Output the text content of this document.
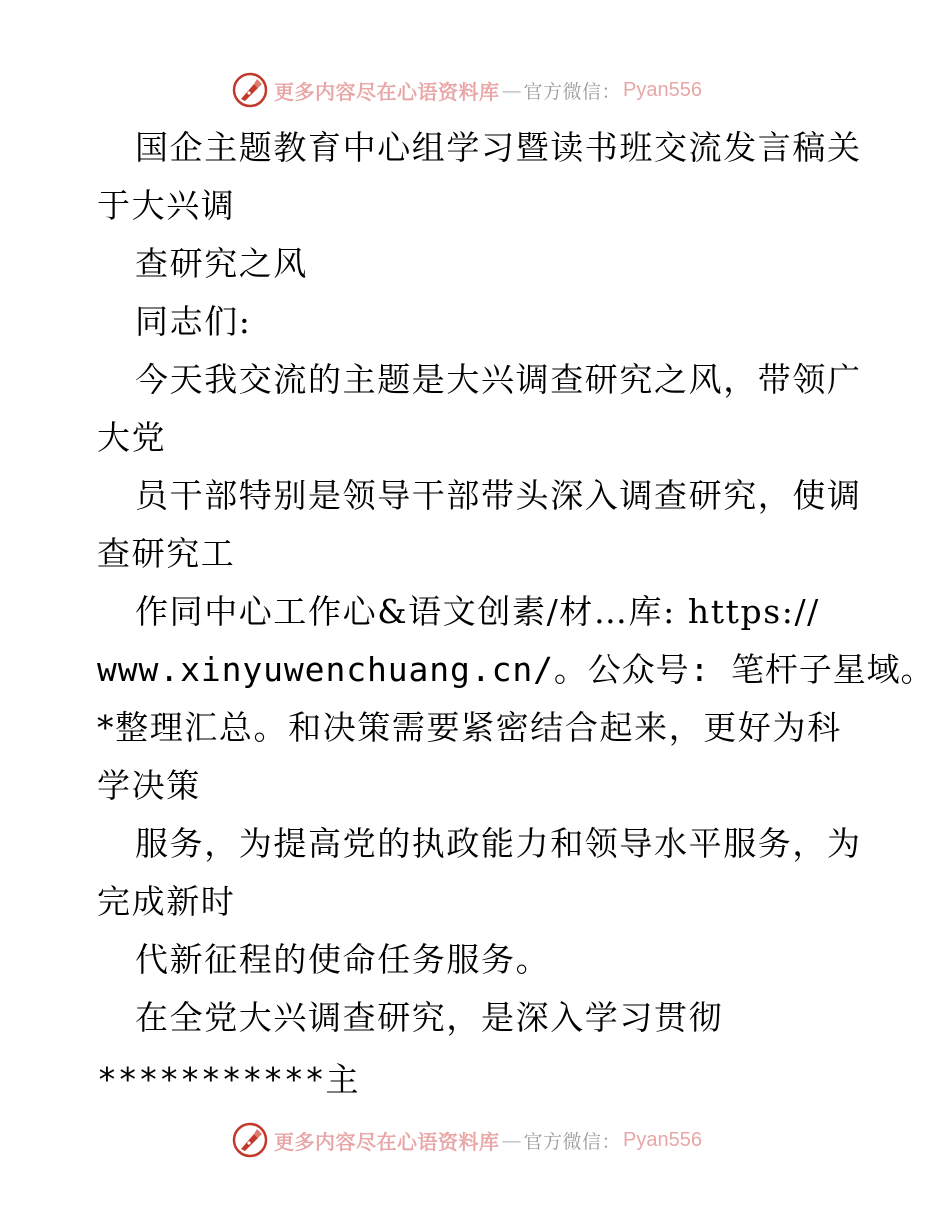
更多内容尽在心语资料库 — 官方微信： Pyan556
国企主题教育中心组学习暨读书班交流发言稿关
于大兴调
查研究之风
同志们:
今天我交流的主题是大兴调查研究之风，带领广
大党
员干部特别是领导干部带头深入调查研究，使调
查研究工
作同中心工作心&语文创素/材…库: https://
www.xinyuwenchuang.cn/。公众号: 笔杆子星域。
*整理汇总。和决策需要紧密结合起来，更好为科
学决策
服务，为提高党的执政能力和领导水平服务，为
完成新时
代新征程的使命任务服务。
在全党大兴调查研究，是深入学习贯彻
***********主
更多内容尽在心语资料库 — 官方微信： Pyan556
